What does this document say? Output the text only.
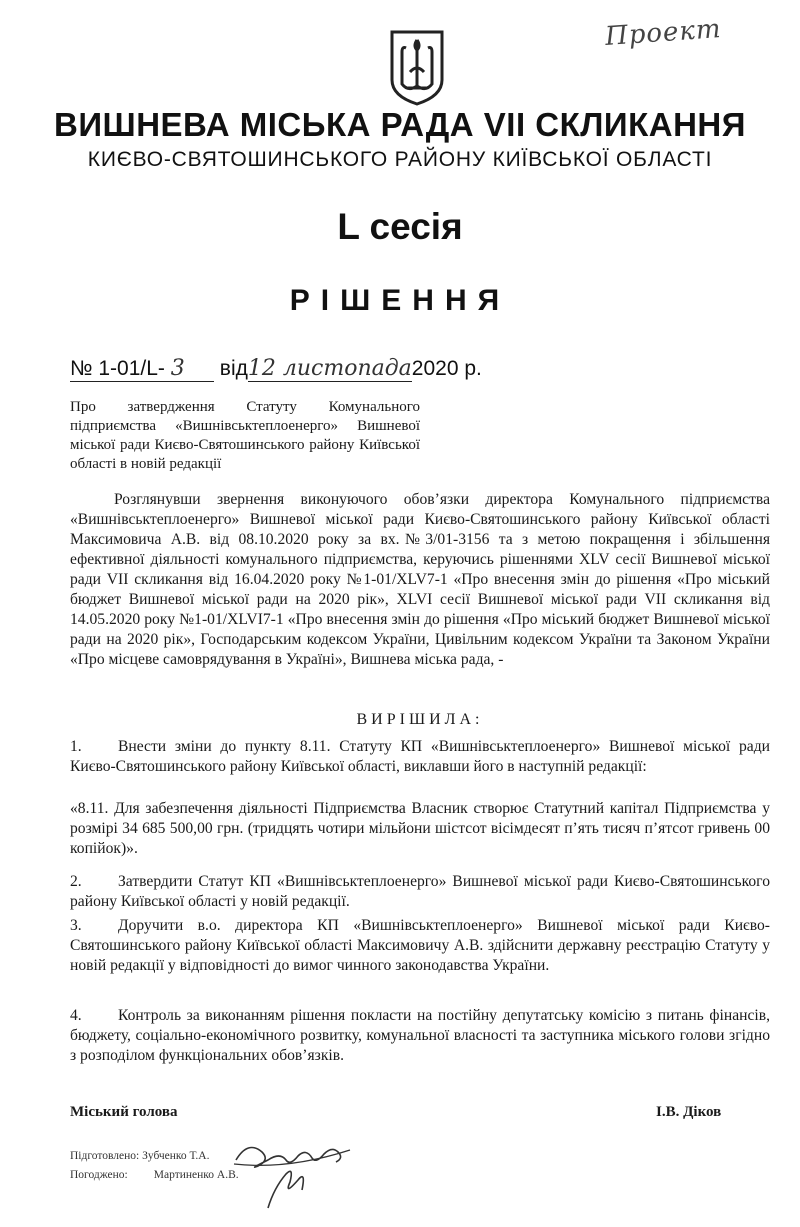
Проект
ВИШНЕВА МІСЬКА РАДА VII СКЛИКАННЯ
КИЄВО-СВЯТОШИНСЬКОГО РАЙОНУ КИЇВСЬКОЇ ОБЛАСТІ
L сесія
РІШЕННЯ
№ 1-01/L- 3 від12 листопада2020 р.
Про затвердження Статуту Комунального підприємства «Вишнівськтеплоенерго» Вишневої міської ради Києво-Святошинського району Київської області в новій редакції
Розглянувши звернення виконуючого обов’язки директора Комунального підприємства «Вишнівськтеплоенерго» Вишневої міської ради Києво-Святошинського району Київської області Максимовича А.В. від 08.10.2020 року за вх.№3/01-3156 та з метою покращення і збільшення ефективної діяльності комунального підприємства, керуючись рішеннями XLV сесії Вишневої міської ради VII скликання від 16.04.2020 року №1-01/XLV7-1 «Про внесення змін до рішення «Про міський бюджет Вишневої міської ради на 2020 рік», XLVI сесії Вишневої міської ради VII скликання від 14.05.2020 року №1-01/XLVI7-1 «Про внесення змін до рішення «Про міський бюджет Вишневої міської ради на 2020 рік», Господарським кодексом України, Цивільним кодексом України та Законом України «Про місцеве самоврядування в Україні», Вишнева міська рада, -
ВИРІШИЛА:
1. Внести зміни до пункту 8.11. Статуту КП «Вишнівськтеплоенерго» Вишневої міської ради Києво-Святошинського району Київської області, виклавши його в наступній редакції:
«8.11. Для забезпечення діяльності Підприємства Власник створює Статутний капітал Підприємства у розмірі 34 685 500,00 грн. (тридцять чотири мільйони шістсот вісімдесят п’ять тисяч п’ятсот гривень 00 копійок)».
2. Затвердити Статут КП «Вишнівськтеплоенерго» Вишневої міської ради Києво-Святошинського району Київської області у новій редакції.
3. Доручити в.о. директора КП «Вишнівськтеплоенерго» Вишневої міської ради Києво-Святошинського району Київської області Максимовичу А.В. здійснити державну реєстрацію Статуту у новій редакції у відповідності до вимог чинного законодавства України.
4. Контроль за виконанням рішення покласти на постійну депутатську комісію з питань фінансів, бюджету, соціально-економічного розвитку, комунальної власності та заступника міського голови згідно з розподілом функціональних обов’язків.
Міський голова	І.В. Діков
Підготовлено: Зубченко Т.А.
Погоджено: Мартиненко А.В.
